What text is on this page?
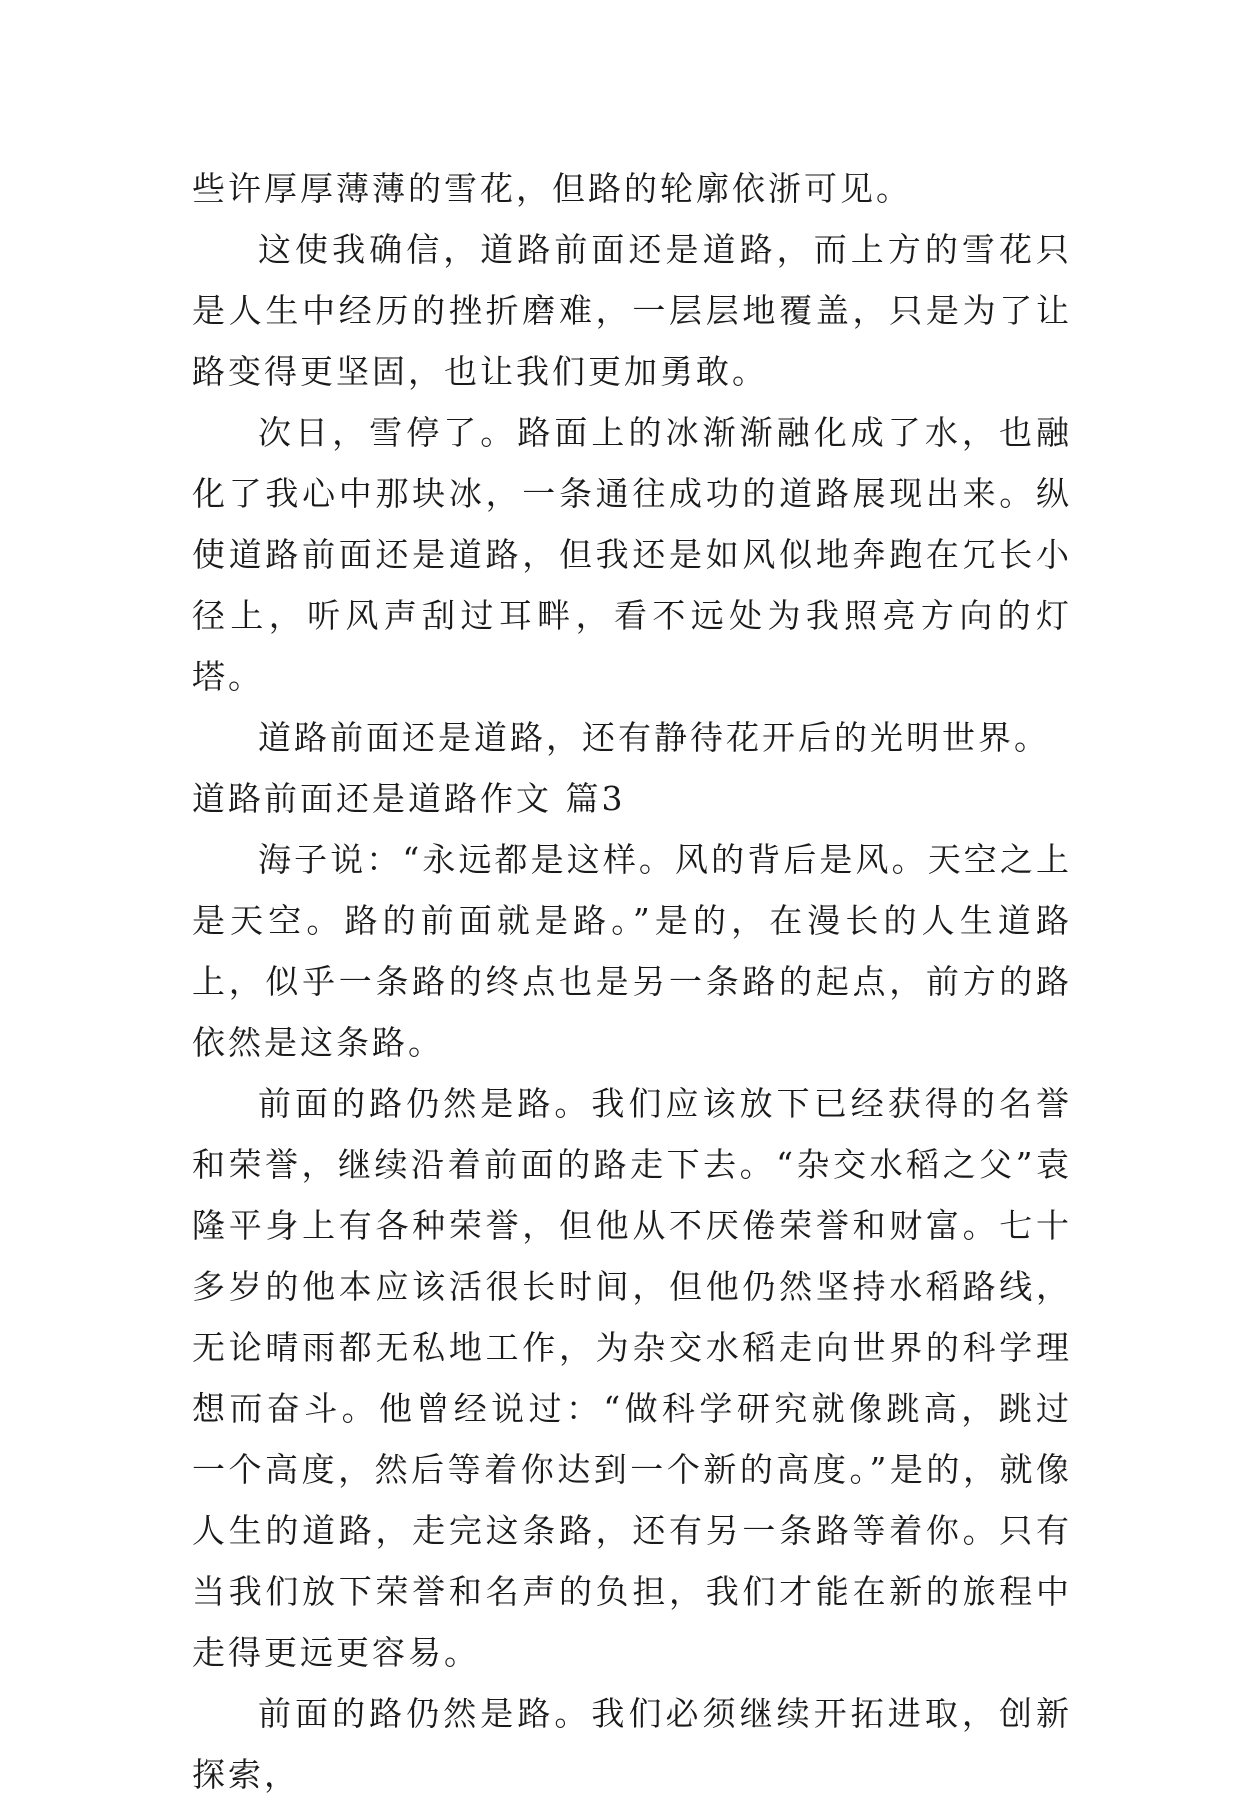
些许厚厚薄薄的雪花，但路的轮廓依浙可见。

这使我确信，道路前面还是道路，而上方的雪花只是人生中经历的挫折磨难，一层层地覆盖，只是为了让路变得更坚固，也让我们更加勇敢。

次日，雪停了。路面上的冰渐渐融化成了水，也融化了我心中那块冰，一条通往成功的道路展现出来。纵使道路前面还是道路，但我还是如风似地奔跑在冗长小径上，听风声刮过耳畔，看不远处为我照亮方向的灯塔。

道路前面还是道路，还有静待花开后的光明世界。

道路前面还是道路作文 篇3

海子说：“永远都是这样。风的背后是风。天空之上是天空。路的前面就是路。”是的，在漫长的人生道路上，似乎一条路的终点也是另一条路的起点，前方的路依然是这条路。

前面的路仍然是路。我们应该放下已经获得的名誉和荣誉，继续沿着前面的路走下去。“杂交水稻之父”袁隆平身上有各种荣誉，但他从不厌倦荣誉和财富。七十多岁的他本应该活很长时间，但他仍然坚持水稻路线，无论晴雨都无私地工作，为杂交水稻走向世界的科学理想而奋斗。他曾经说过：“做科学研究就像跳高，跳过一个高度，然后等着你达到一个新的高度。”是的，就像人生的道路，走完这条路，还有另一条路等着你。只有当我们放下荣誉和名声的负担，我们才能在新的旅程中走得更远更容易。

前面的路仍然是路。我们必须继续开拓进取，创新探索，
